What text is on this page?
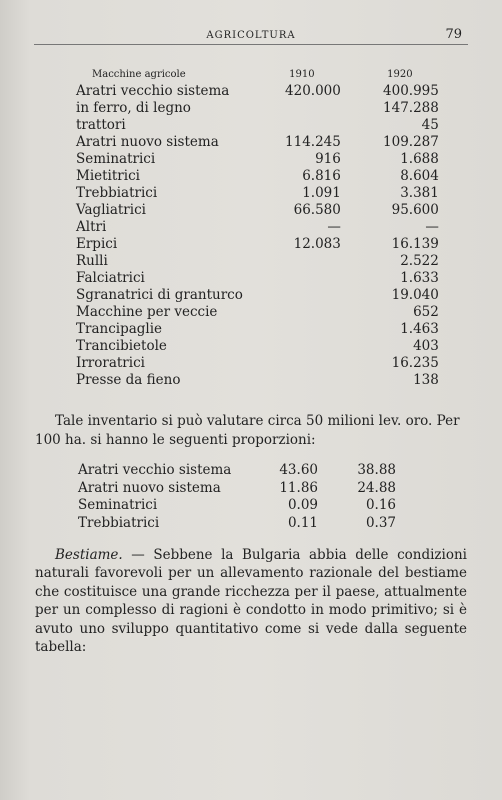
AGRICOLTURA	79
Macchine agricole	1910	1920
Aratri vecchio sistema	420.000	400.995
in ferro, di legno		147.288
trattori		45
Aratri nuovo sistema	114.245	109.287
Seminatrici	916	1.688
Mietitrici	6.816	8.604
Trebbiatrici	1.091	3.381
Vagliatrici	66.580	95.600
Altri	—	—
Erpici	12.083	16.139
Rulli		2.522
Falciatrici		1.633
Sgranatrici di granturco		19.040
Macchine per veccie		652
Trancipaglie		1.463
Trancibietole		403
Irroratrici		16.235
Presse da fieno		138

Tale inventario si può valutare circa 50 milioni lev. oro. Per 100 ha. si hanno le seguenti proporzioni:

Aratri vecchio sistema	43.60	38.88
Aratri nuovo sistema	11.86	24.88
Seminatrici	0.09	0.16
Trebbiatrici	0.11	0.37

Bestiame. — Sebbene la Bulgaria abbia delle condizioni naturali favorevoli per un allevamento razionale del bestiame che costituisce una grande ricchezza per il paese, attualmente per un complesso di ragioni è condotto in modo primitivo; si è avuto uno sviluppo quantitativo come si vede dalla seguente tabella:
